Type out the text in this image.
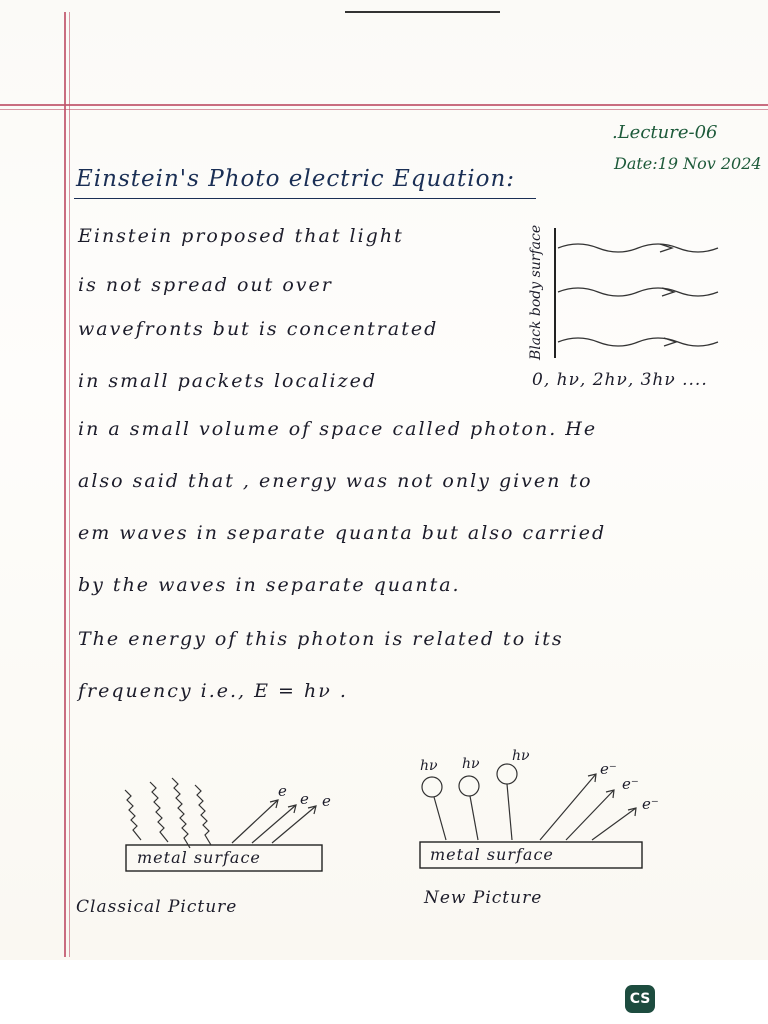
.Lecture-06
Date:19 Nov 2024
Einstein's Photo electric Equation:
Einstein proposed that light
is not spread out over
wavefronts but is concentrated
in small packets localized
in a small volume of space called photon. He
also said that , energy was not only given to
em waves in separate quanta but also carried
by the waves in separate quanta.
The energy of this photon is related to its
frequency i.e., E = hν .
Black body surface
0, hν, 2hν, 3hν ....
e e e
metal surface
Classical Picture
hν hν hν
e⁻
e⁻
e⁻
metal surface
New Picture
CS
